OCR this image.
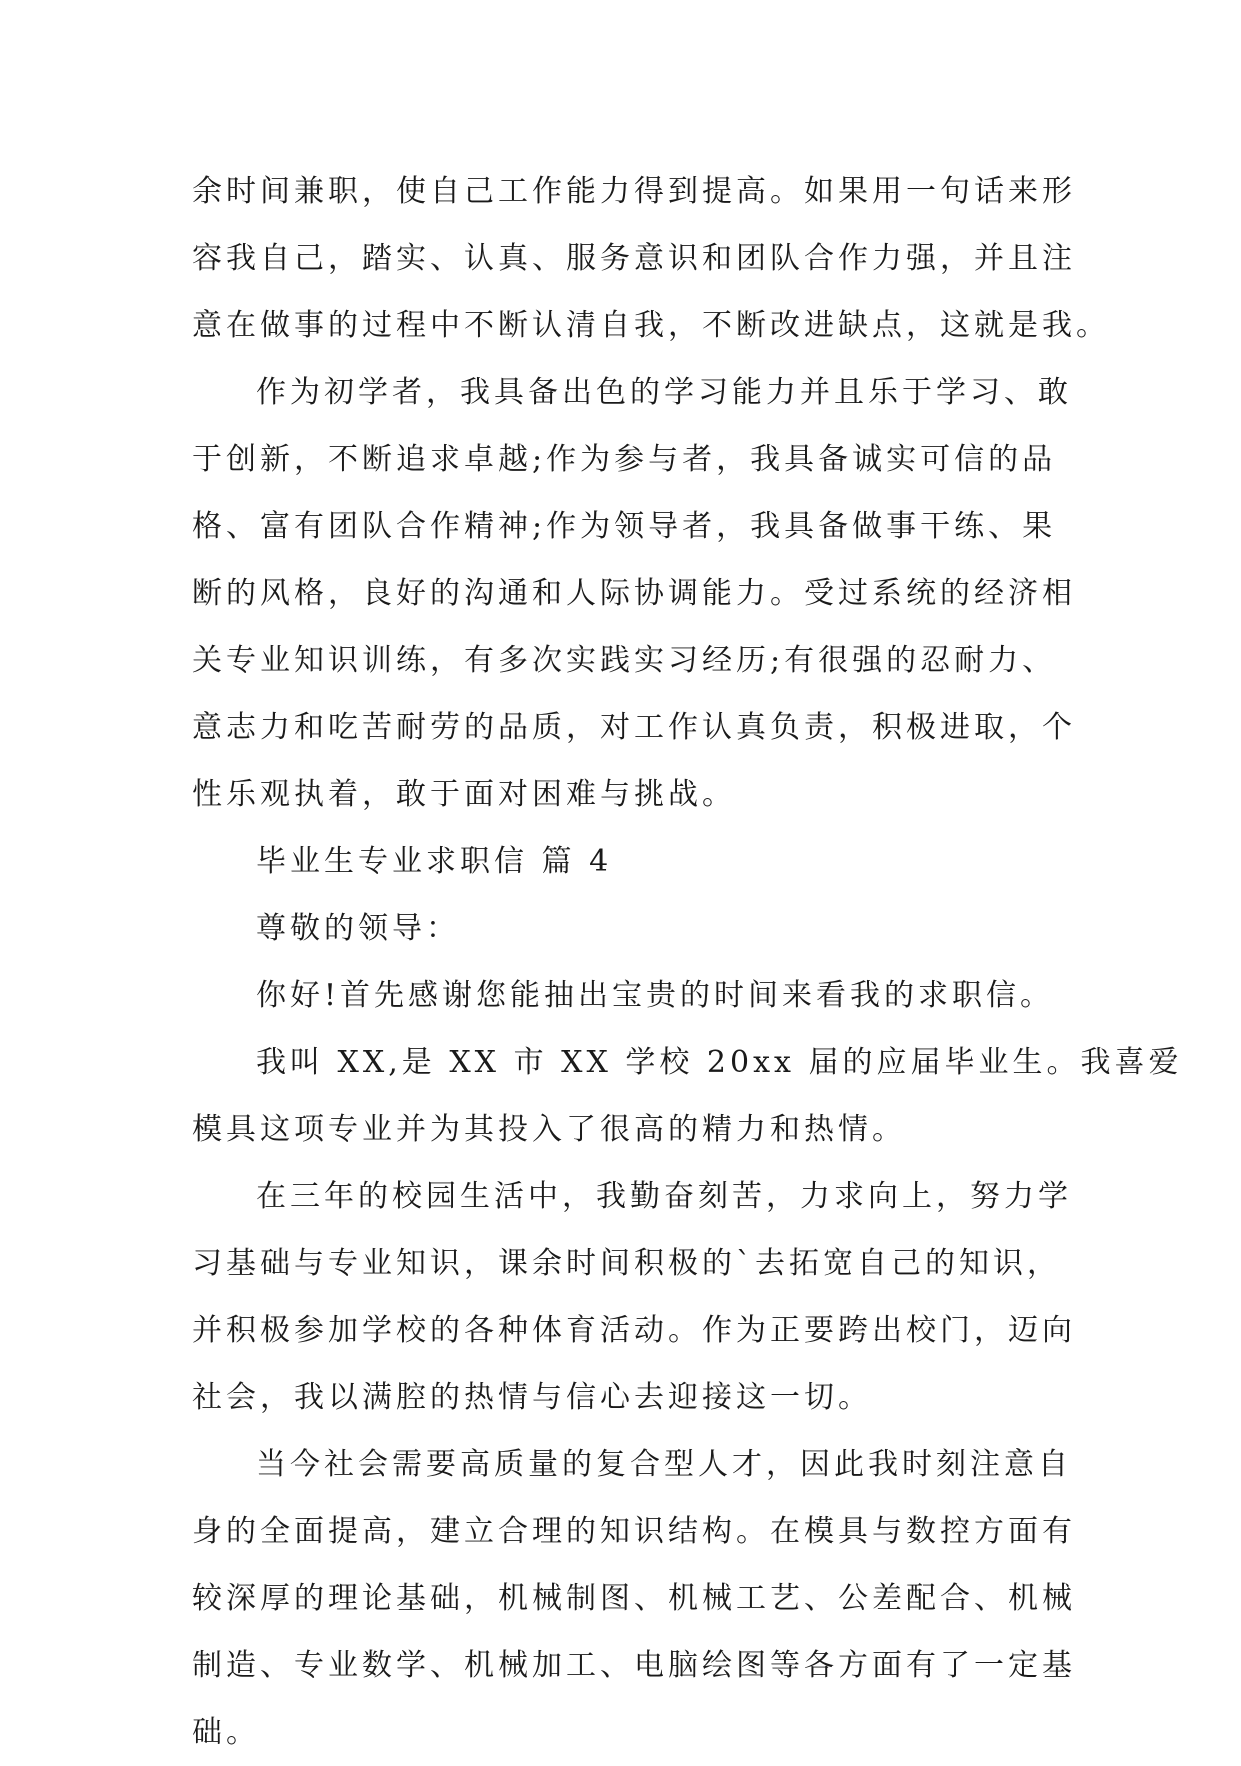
余时间兼职，使自己工作能力得到提高。如果用一句话来形
容我自己，踏实、认真、服务意识和团队合作力强，并且注
意在做事的过程中不断认清自我，不断改进缺点，这就是我。
作为初学者，我具备出色的学习能力并且乐于学习、敢
于创新，不断追求卓越;作为参与者，我具备诚实可信的品
格、富有团队合作精神;作为领导者，我具备做事干练、果
断的风格，良好的沟通和人际协调能力。受过系统的经济相
关专业知识训练，有多次实践实习经历;有很强的忍耐力、
意志力和吃苦耐劳的品质，对工作认真负责，积极进取，个
性乐观执着，敢于面对困难与挑战。
毕业生专业求职信 篇 4
尊敬的领导：
你好!首先感谢您能抽出宝贵的时间来看我的求职信。
我叫 XX,是 XX 市 XX 学校 20xx 届的应届毕业生。我喜爱
模具这项专业并为其投入了很高的精力和热情。
在三年的校园生活中，我勤奋刻苦，力求向上，努力学
习基础与专业知识，课余时间积极的`去拓宽自己的知识，
并积极参加学校的各种体育活动。作为正要跨出校门，迈向
社会，我以满腔的热情与信心去迎接这一切。
当今社会需要高质量的复合型人才，因此我时刻注意自
身的全面提高，建立合理的知识结构。在模具与数控方面有
较深厚的理论基础，机械制图、机械工艺、公差配合、机械
制造、专业数学、机械加工、电脑绘图等各方面有了一定基
础。
